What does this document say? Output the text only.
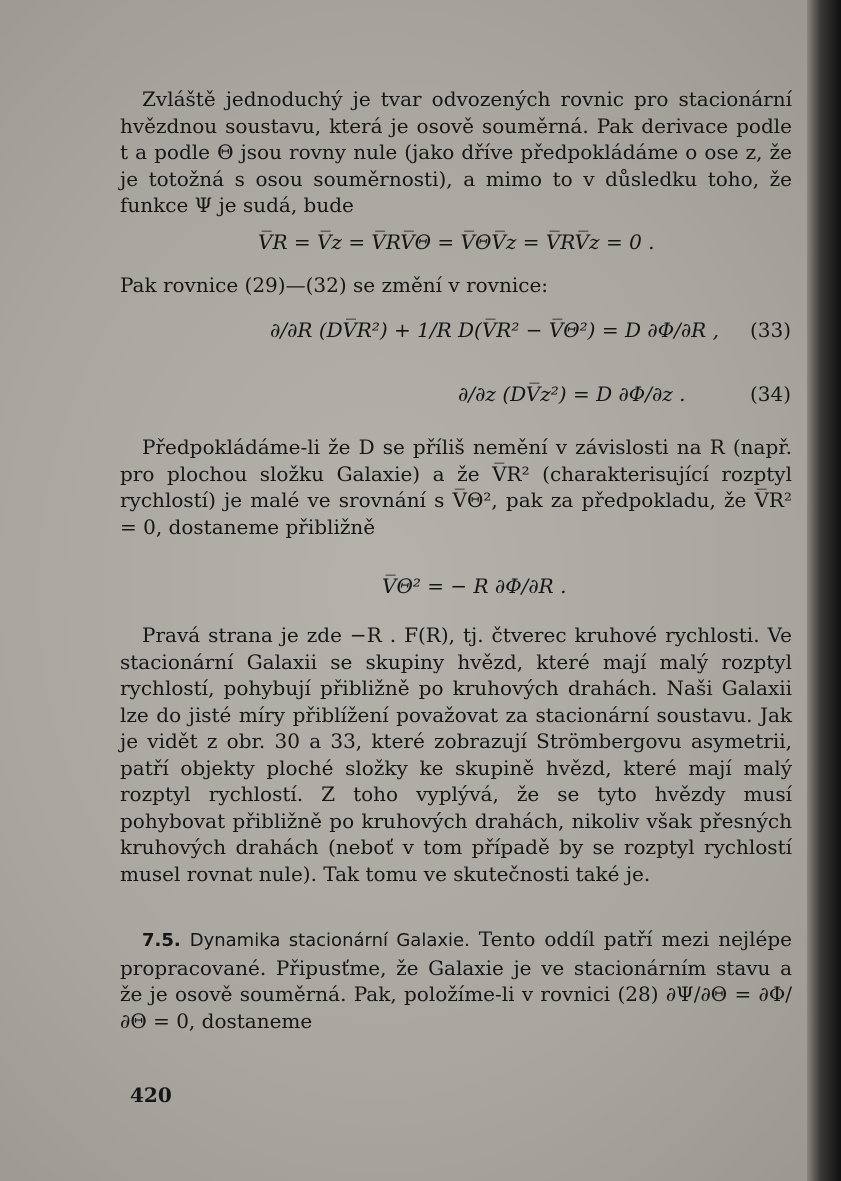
Zvláště jednoduchý je tvar odvozených rovnic pro stacionární hvězdnou soustavu, která je osově souměrná. Pak derivace podle t a podle Θ jsou rovny nule (jako dříve předpokládáme o ose z, že je totožná s osou souměrnosti), a mimo to v důsledku toho, že funkce Ψ je sudá, bude

V̅R = V̅z = V̅RV̅Θ = V̅ΘV̅z = V̅RV̅z = 0 .

Pak rovnice (29)—(32) se změní v rovnice:

∂/∂R (DV̅R²) + 1/R D(V̅R² − V̅Θ²) = D ∂Φ/∂R , (33)
∂/∂z (DV̅z²) = D ∂Φ/∂z .	(34)

Předpokládáme-li že D se příliš nemění v závislosti na R (např. pro plochou složku Galaxie) a že V̅R² (charakterisující rozptyl rychlostí) je malé ve srovnání s V̅Θ², pak za předpokladu, že V̅R² = 0, dostaneme přibližně

V̅Θ² = − R ∂Φ/∂R .

Pravá strana je zde −R . F(R), tj. čtverec kruhové rychlosti. Ve stacionární Galaxii se skupiny hvězd, které mají malý rozptyl rychlostí, pohybují přibližně po kruhových drahách. Naši Galaxii lze do jisté míry přiblížení považovat za stacionární soustavu. Jak je vidět z obr. 30 a 33, které zobrazují Strömbergovu asymetrii, patří objekty ploché složky ke skupině hvězd, které mají malý rozptyl rychlostí. Z toho vyplývá, že se tyto hvězdy musí pohybovat přibližně po kruhových drahách, nikoliv však přesných kruhových drahách (neboť v tom případě by se rozptyl rychlostí musel rovnat nule). Tak tomu ve skutečnosti také je.

7.5. Dynamika stacionární Galaxie. Tento oddíl patří mezi nejlépe propracované. Připusťme, že Galaxie je ve stacionárním stavu a že je osově souměrná. Pak, položíme-li v rovnici (28) ∂Ψ/∂Θ = ∂Φ/∂Θ = 0, dostaneme

420
